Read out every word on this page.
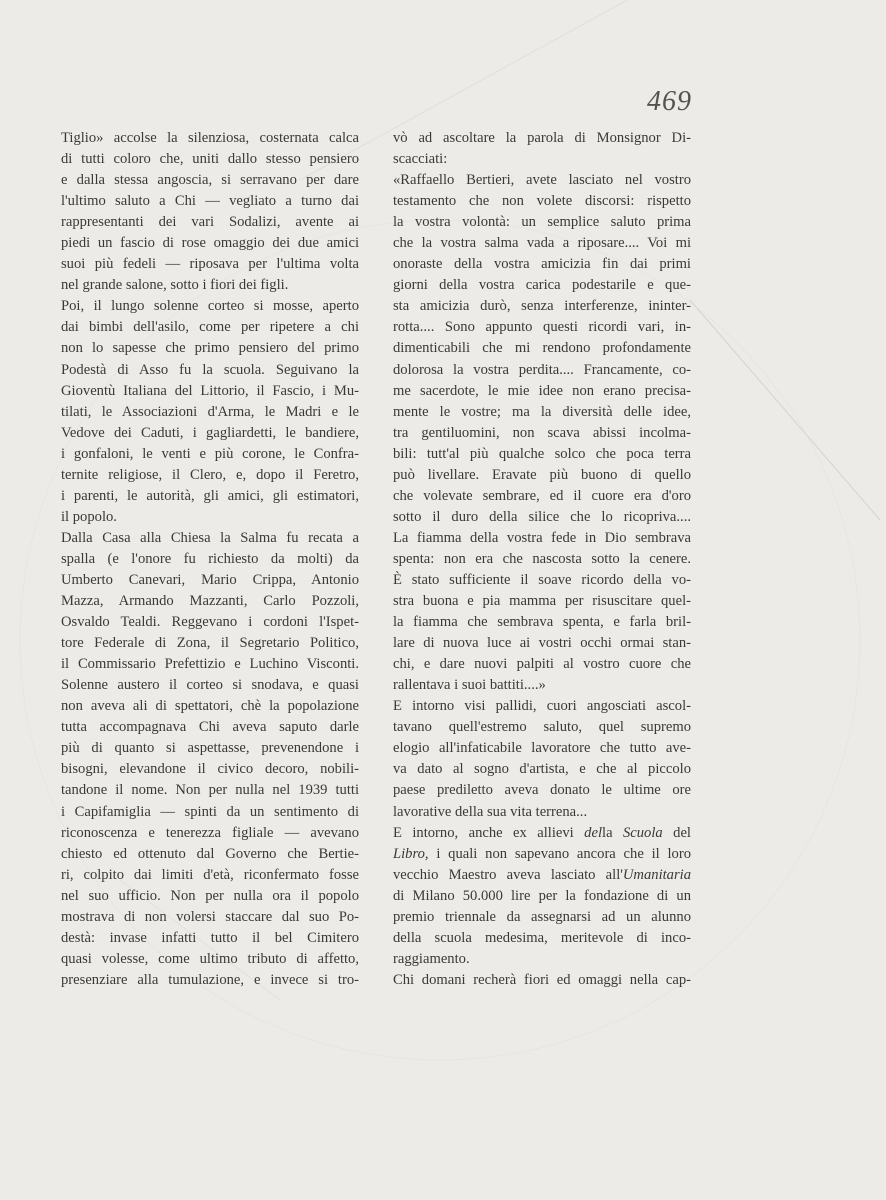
469
Tiglio» accolse la silenziosa, costernata calca
di tutti coloro che, uniti dallo stesso pensiero
e dalla stessa angoscia, si serravano per dare
l'ultimo saluto a Chi — vegliato a turno dai
rappresentanti dei vari Sodalizi, avente ai
piedi un fascio di rose omaggio dei due amici
suoi più fedeli — riposava per l'ultima volta
nel grande salone, sotto i fiori dei figli.
Poi, il lungo solenne corteo si mosse, aperto
dai bimbi dell'asilo, come per ripetere a chi
non lo sapesse che primo pensiero del primo
Podestà di Asso fu la scuola. Seguivano la
Gioventù Italiana del Littorio, il Fascio, i Mu-
tilati, le Associazioni d'Arma, le Madri e le
Vedove dei Caduti, i gagliardetti, le bandiere,
i gonfaloni, le venti e più corone, le Confra-
ternite religiose, il Clero, e, dopo il Feretro,
i parenti, le autorità, gli amici, gli estimatori,
il popolo.
Dalla Casa alla Chiesa la Salma fu recata a
spalla (e l'onore fu richiesto da molti) da
Umberto Canevari, Mario Crippa, Antonio
Mazza, Armando Mazzanti, Carlo Pozzoli,
Osvaldo Tealdi. Reggevano i cordoni l'Ispet-
tore Federale di Zona, il Segretario Politico,
il Commissario Prefettizio e Luchino Visconti.
Solenne austero il corteo si snodava, e quasi
non aveva ali di spettatori, chè la popolazione
tutta accompagnava Chi aveva saputo darle
più di quanto si aspettasse, prevenendone i
bisogni, elevandone il civico decoro, nobili-
tandone il nome. Non per nulla nel 1939 tutti
i Capifamiglia — spinti da un sentimento di
riconoscenza e tenerezza figliale — avevano
chiesto ed ottenuto dal Governo che Bertie-
ri, colpito dai limiti d'età, riconfermato fosse
nel suo ufficio. Non per nulla ora il popolo
mostrava di non volersi staccare dal suo Po-
destà: invase infatti tutto il bel Cimitero
quasi volesse, come ultimo tributo di affetto,
presenziare alla tumulazione, e invece si tro-
vò ad ascoltare la parola di Monsignor Di-
scacciati:
«Raffaello Bertieri, avete lasciato nel vostro
testamento che non volete discorsi: rispetto
la vostra volontà: un semplice saluto prima
che la vostra salma vada a riposare.... Voi mi
onoraste della vostra amicizia fin dai primi
giorni della vostra carica podestarile e que-
sta amicizia durò, senza interferenze, ininter-
rotta.... Sono appunto questi ricordi vari, in-
dimenticabili che mi rendono profondamente
dolorosa la vostra perdita.... Francamente, co-
me sacerdote, le mie idee non erano precisa-
mente le vostre; ma la diversità delle idee,
tra gentiluomini, non scava abissi incolma-
bili: tutt'al più qualche solco che poca terra
può livellare. Eravate più buono di quello
che volevate sembrare, ed il cuore era d'oro
sotto il duro della silice che lo ricopriva....
La fiamma della vostra fede in Dio sembrava
spenta: non era che nascosta sotto la cenere.
È stato sufficiente il soave ricordo della vo-
stra buona e pia mamma per risuscitare quel-
la fiamma che sembrava spenta, e farla bril-
lare di nuova luce ai vostri occhi ormai stan-
chi, e dare nuovi palpiti al vostro cuore che
rallentava i suoi battiti....»
E intorno visi pallidi, cuori angosciati ascol-
tavano quell'estremo saluto, quel supremo
elogio all'infaticabile lavoratore che tutto ave-
va dato al sogno d'artista, e che al piccolo
paese prediletto aveva donato le ultime ore
lavorative della sua vita terrena...
E intorno, anche ex allievi della Scuola del
Libro, i quali non sapevano ancora che il loro
vecchio Maestro aveva lasciato all'Umanitaria
di Milano 50.000 lire per la fondazione di un
premio triennale da assegnarsi ad un alunno
della scuola medesima, meritevole di inco-
raggiamento.
Chi domani recherà fiori ed omaggi nella cap-
